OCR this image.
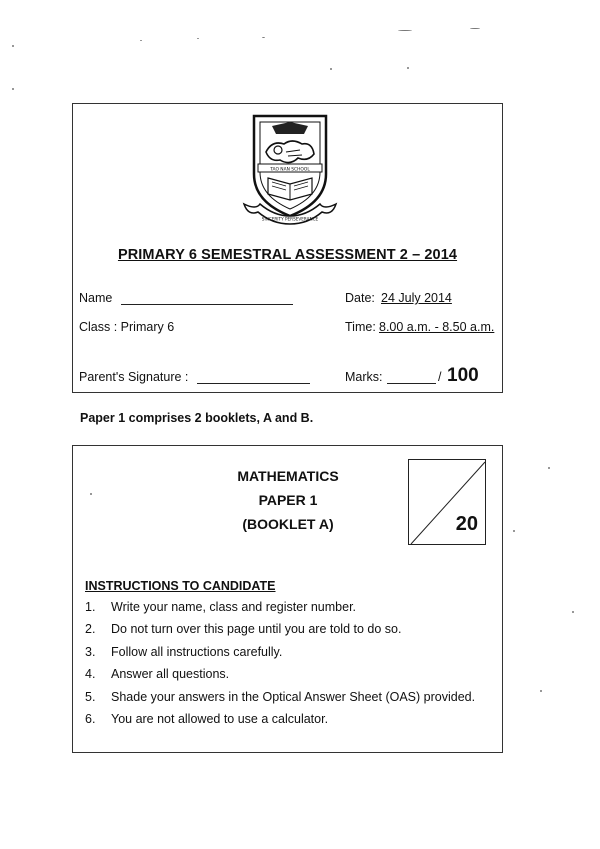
TAO NAN SCHOOL
SINCERITY PERSEVERANCE
PRIMARY 6 SEMESTRAL ASSESSMENT 2 – 2014
Name	Date: 24 July 2014
Class : Primary 6	Time: 8.00 a.m. - 8.50 a.m.
Parent's Signature :	Marks:	/ 100
Paper 1 comprises 2 booklets, A and B.
MATHEMATICS
PAPER 1
(BOOKLET A)	20
INSTRUCTIONS TO CANDIDATE
1. Write your name, class and register number.
2. Do not turn over this page until you are told to do so.
3. Follow all instructions carefully.
4. Answer all questions.
5. Shade your answers in the Optical Answer Sheet (OAS) provided.
6. You are not allowed to use a calculator.
